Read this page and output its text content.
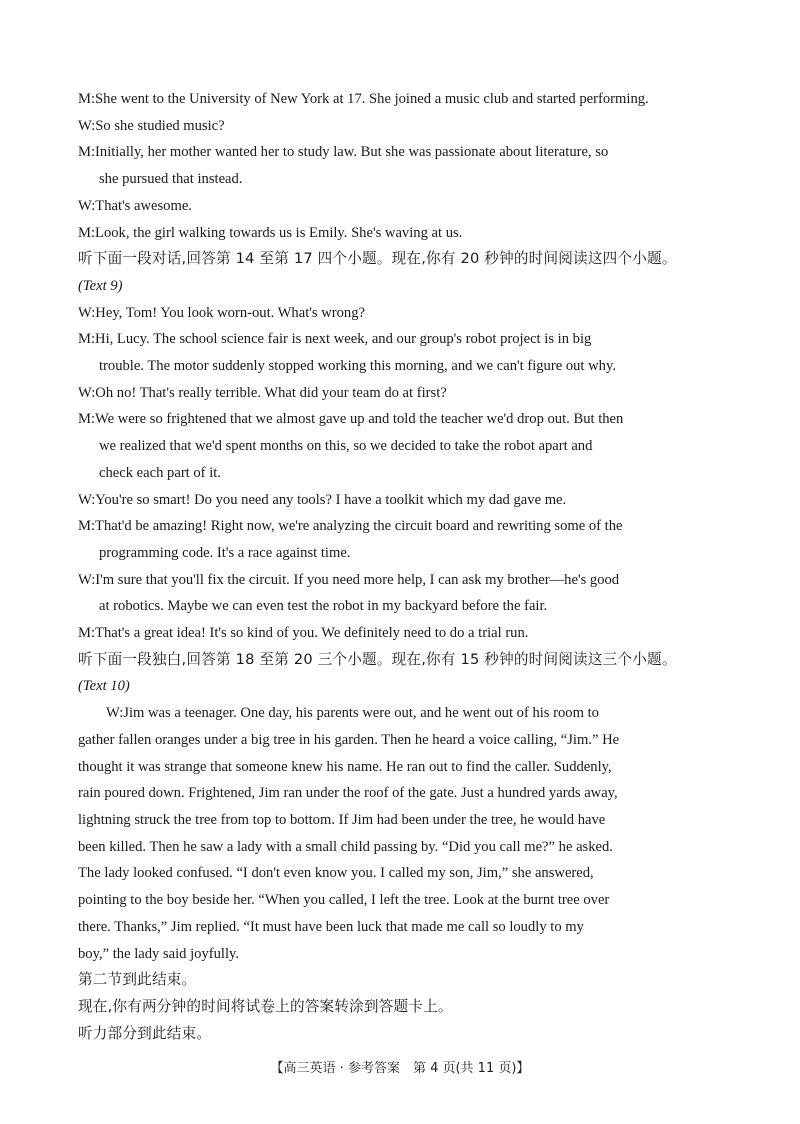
M:She went to the University of New York at 17. She joined a music club and started performing.
W:So she studied music?
M:Initially, her mother wanted her to study law. But she was passionate about literature, so
she pursued that instead.
W:That's awesome.
M:Look, the girl walking towards us is Emily. She's waving at us.
听下面一段对话,回答第 14 至第 17 四个小题。现在,你有 20 秒钟的时间阅读这四个小题。
(Text 9)
W:Hey, Tom! You look worn-out. What's wrong?
M:Hi, Lucy. The school science fair is next week, and our group's robot project is in big
trouble. The motor suddenly stopped working this morning, and we can't figure out why.
W:Oh no! That's really terrible. What did your team do at first?
M:We were so frightened that we almost gave up and told the teacher we'd drop out. But then
we realized that we'd spent months on this, so we decided to take the robot apart and
check each part of it.
W:You're so smart! Do you need any tools? I have a toolkit which my dad gave me.
M:That'd be amazing! Right now, we're analyzing the circuit board and rewriting some of the
programming code. It's a race against time.
W:I'm sure that you'll fix the circuit. If you need more help, I can ask my brother—he's good
at robotics. Maybe we can even test the robot in my backyard before the fair.
M:That's a great idea! It's so kind of you. We definitely need to do a trial run.
听下面一段独白,回答第 18 至第 20 三个小题。现在,你有 15 秒钟的时间阅读这三个小题。
(Text 10)
W:Jim was a teenager. One day, his parents were out, and he went out of his room to
gather fallen oranges under a big tree in his garden. Then he heard a voice calling, “Jim.” He
thought it was strange that someone knew his name. He ran out to find the caller. Suddenly,
rain poured down. Frightened, Jim ran under the roof of the gate. Just a hundred yards away,
lightning struck the tree from top to bottom. If Jim had been under the tree, he would have
been killed. Then he saw a lady with a small child passing by. “Did you call me?” he asked.
The lady looked confused. “I don't even know you. I called my son, Jim,” she answered,
pointing to the boy beside her. “When you called, I left the tree. Look at the burnt tree over
there. Thanks,” Jim replied. “It must have been luck that made me call so loudly to my
boy,” the lady said joyfully.
第二节到此结束。
现在,你有两分钟的时间将试卷上的答案转涂到答题卡上。
听力部分到此结束。
【高三英语 · 参考答案　第 4 页(共 11 页)】
